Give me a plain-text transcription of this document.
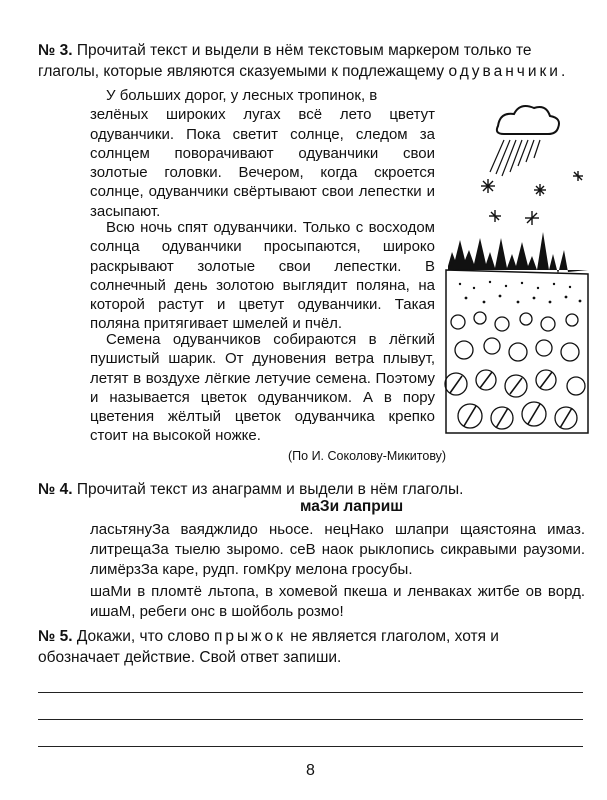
№ 3. Прочитай текст и выдели в нём текстовым маркером только те глаголы, которые являются сказуемыми к подлежащему одуванчики.
У больших дорог, у лесных тропинок, в
зелёных широких лугах всё лето цветут одуванчики. Пока светит солнце, следом за солнцем поворачивают одуванчики свои золотые головки. Вечером, когда скроется солнце, одуванчики свёртывают свои лепестки и засыпают.
Всю ночь спят одуванчики. Только с восходом солнца одуванчики просыпаются, широко раскрывают золотые свои лепестки. В солнечный день золотою выглядит поляна, на которой растут и цветут одуванчики. Такая поляна притягивает шмелей и пчёл.
Семена одуванчиков собираются в лёгкий пушистый шарик. От дуновения ветра плывут, летят в воздухе лёгкие летучие семена. Поэтому и называется цветок одуванчиком. А в пору цветения жёлтый цветок одуванчика крепко стоит на высокой ножке.
(По И. Соколову-Микитову)
№ 4. Прочитай текст из анаграмм и выдели в нём глаголы.
маЗи лаприш
ласьтянуЗа вaяджлидо ньосе. нецНако шлапри щаястояна имаз. литрещаЗа тыелю зыромо. сеВ наок рыклопись сикравыми раузоми. лимёрзЗа каре, рудп. гомКру мелона гросубы.
шаМи в пломтё льтопа, в хомевой пкеша и ленваках житбе ов ворд. ишаМ, ребеги онс в шойболь розмо!
№ 5. Докажи, что слово прыжок не является глаголом, хотя и обозначает действие. Свой ответ запиши.
8
